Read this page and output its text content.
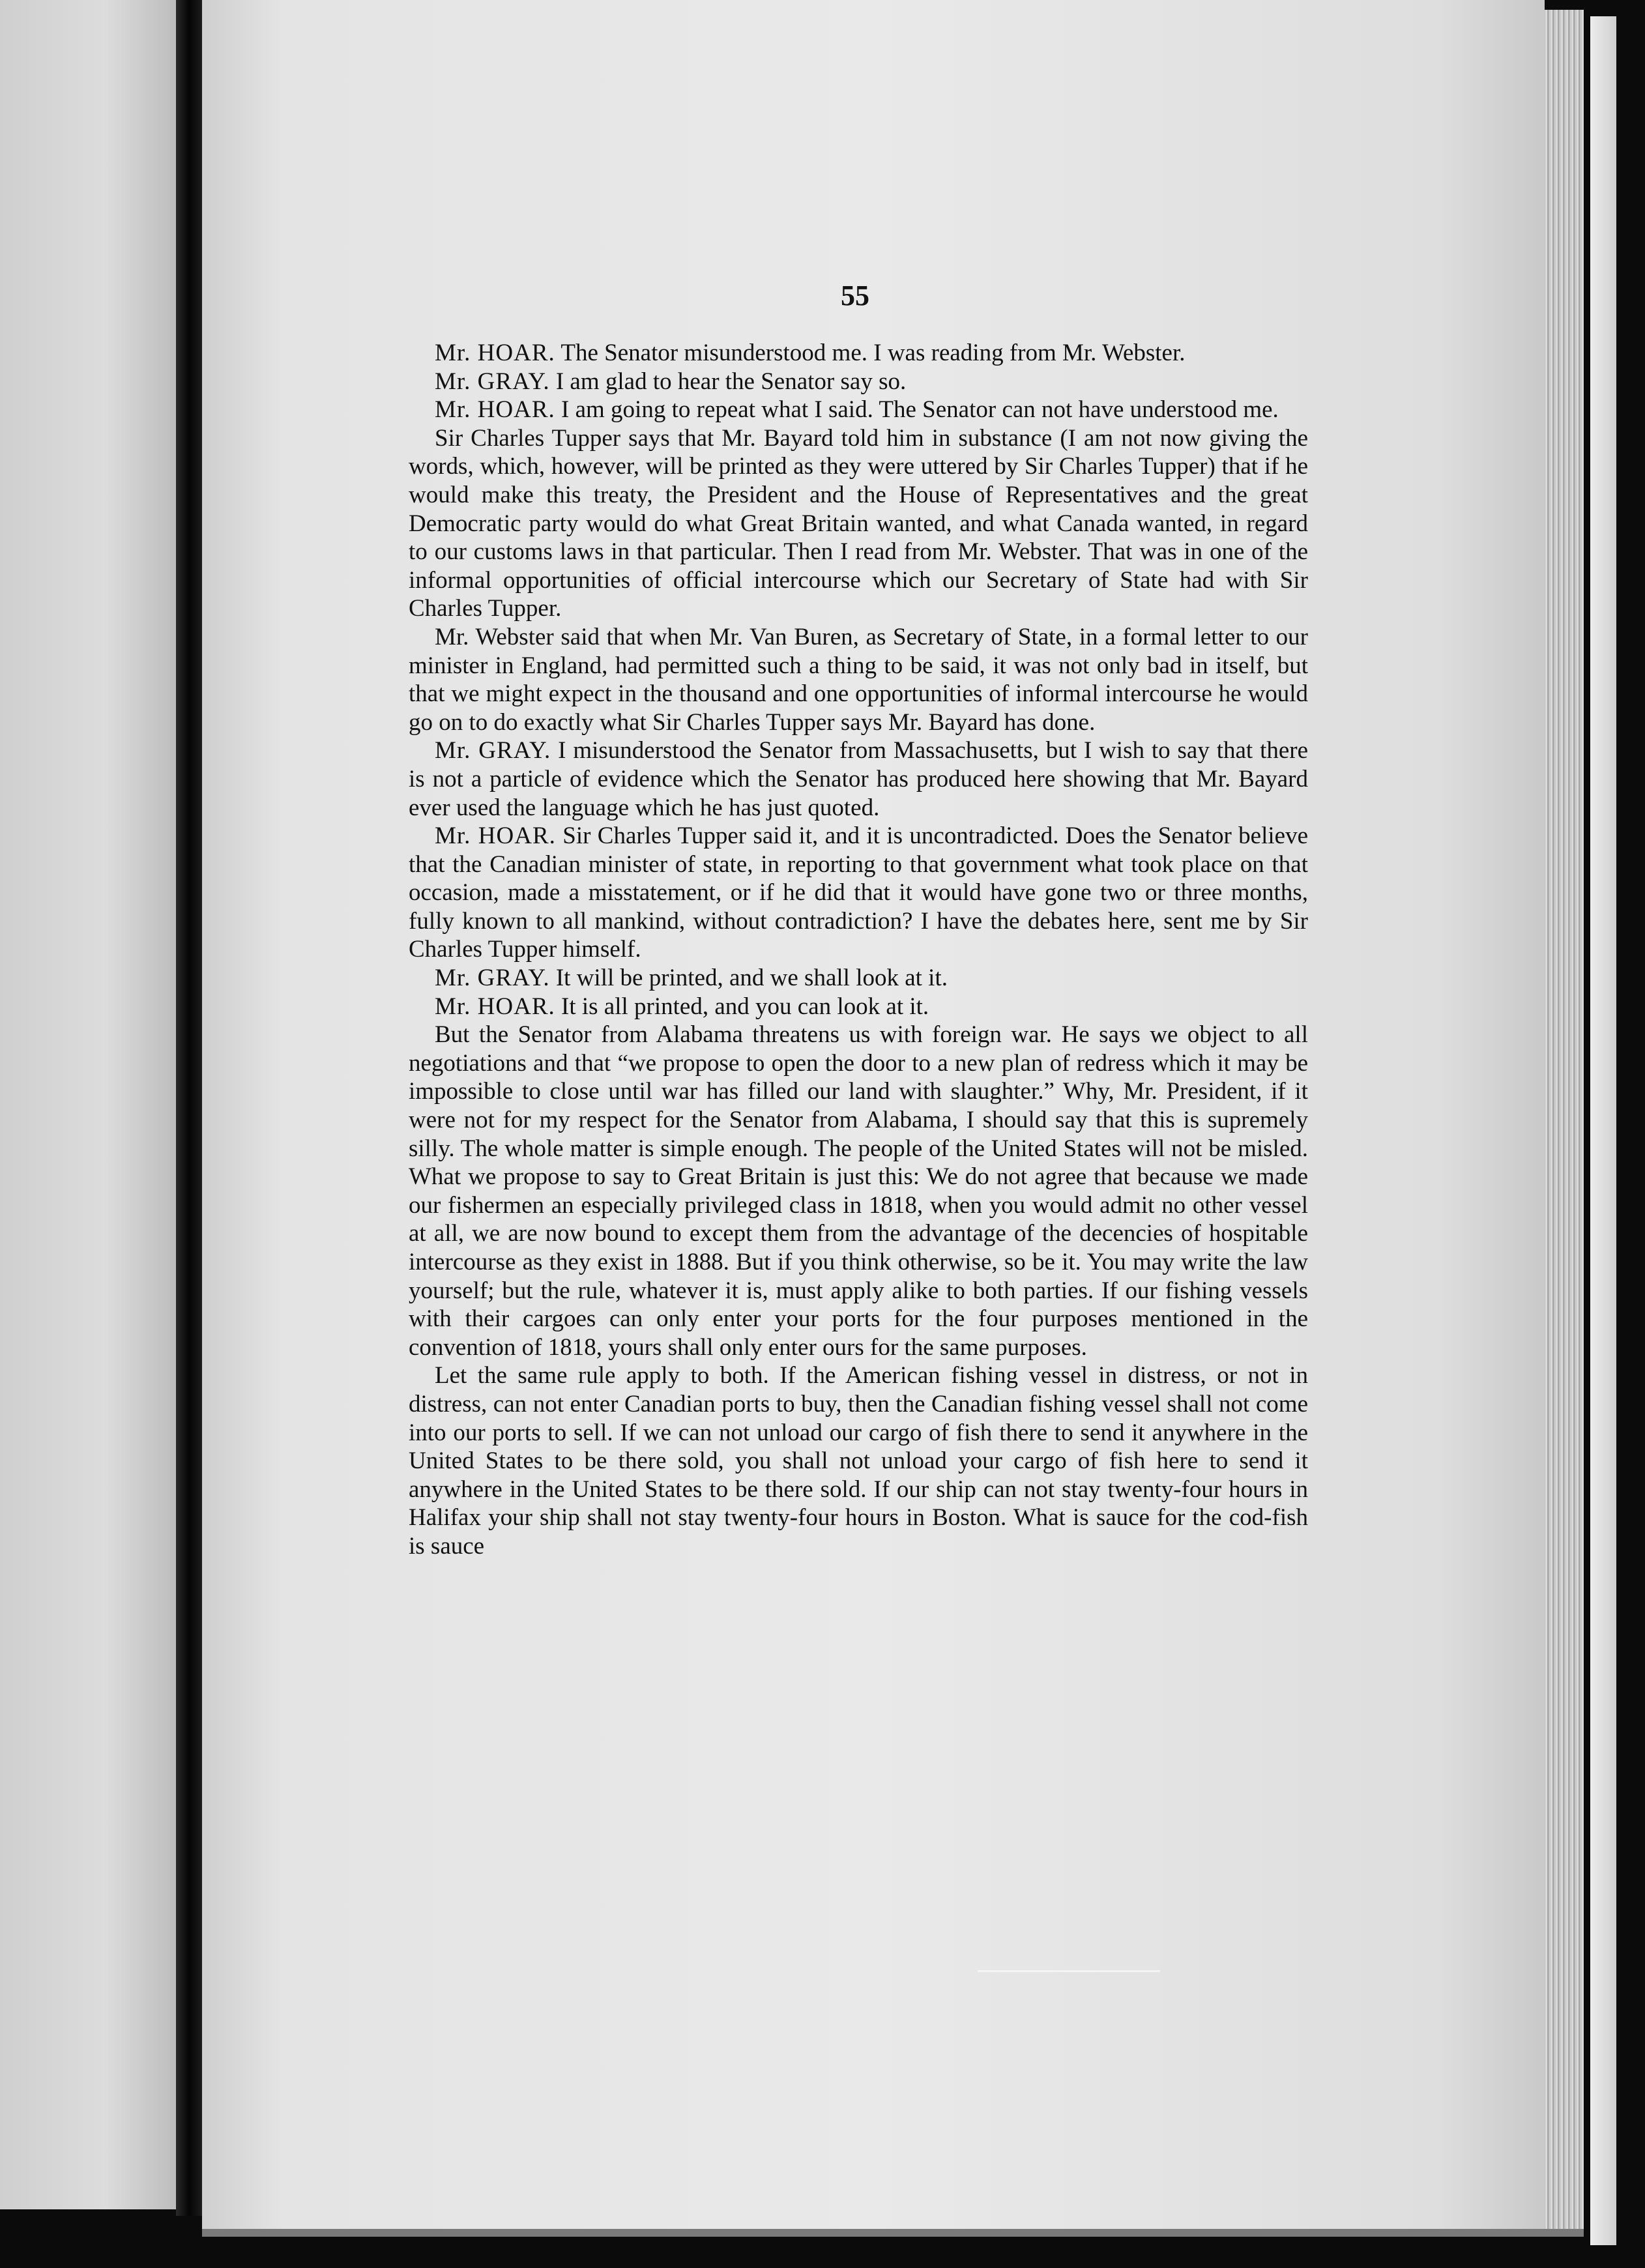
55

Mr. HOAR. The Senator misunderstood me. I was reading from Mr. Webster.

Mr. GRAY. I am glad to hear the Senator say so.

Mr. HOAR. I am going to repeat what I said. The Senator can not have understood me.

Sir Charles Tupper says that Mr. Bayard told him in substance (I am not now giving the words, which, however, will be printed as they were uttered by Sir Charles Tupper) that if he would make this treaty, the President and the House of Representatives and the great Democratic party would do what Great Britain wanted, and what Canada wanted, in regard to our customs laws in that particular. Then I read from Mr. Webster. That was in one of the informal opportunities of official intercourse which our Secretary of State had with Sir Charles Tupper.

Mr. Webster said that when Mr. Van Buren, as Secretary of State, in a formal letter to our minister in England, had permitted such a thing to be said, it was not only bad in itself, but that we might expect in the thousand and one opportunities of informal intercourse he would go on to do exactly what Sir Charles Tupper says Mr. Bayard has done.

Mr. GRAY. I misunderstood the Senator from Massachusetts, but I wish to say that there is not a particle of evidence which the Senator has produced here showing that Mr. Bayard ever used the language which he has just quoted.

Mr. HOAR. Sir Charles Tupper said it, and it is uncontradicted. Does the Senator believe that the Canadian minister of state, in reporting to that government what took place on that occasion, made a misstatement, or if he did that it would have gone two or three months, fully known to all mankind, without contradiction? I have the debates here, sent me by Sir Charles Tupper himself.

Mr. GRAY. It will be printed, and we shall look at it.

Mr. HOAR. It is all printed, and you can look at it.

But the Senator from Alabama threatens us with foreign war. He says we object to all negotiations and that “we propose to open the door to a new plan of redress which it may be impossible to close until war has filled our land with slaughter.” Why, Mr. President, if it were not for my respect for the Senator from Alabama, I should say that this is supremely silly. The whole matter is simple enough. The people of the United States will not be misled. What we propose to say to Great Britain is just this: We do not agree that because we made our fishermen an especially privileged class in 1818, when you would admit no other vessel at all, we are now bound to except them from the advantage of the decencies of hospitable intercourse as they exist in 1888. But if you think otherwise, so be it. You may write the law yourself; but the rule, whatever it is, must apply alike to both parties. If our fishing vessels with their cargoes can only enter your ports for the four purposes mentioned in the convention of 1818, yours shall only enter ours for the same purposes.

Let the same rule apply to both. If the American fishing vessel in distress, or not in distress, can not enter Canadian ports to buy, then the Canadian fishing vessel shall not come into our ports to sell. If we can not unload our cargo of fish there to send it anywhere in the United States to be there sold, you shall not unload your cargo of fish here to send it anywhere in the United States to be there sold. If our ship can not stay twenty-four hours in Halifax your ship shall not stay twenty-four hours in Boston. What is sauce for the cod-fish is sauce
